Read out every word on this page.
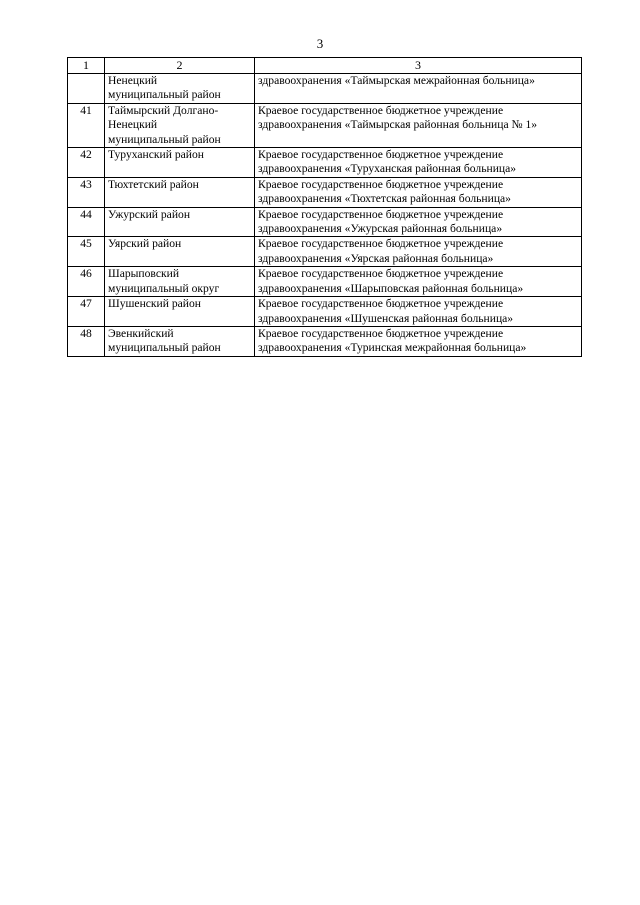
3
1	2	3

	Ненецкий
муниципальный район	здравоохранения «Таймырская межрайонная больница»

41	Таймырский Долгано-
Ненецкий
муниципальный район	Краевое государственное бюджетное учреждение
здравоохранения «Таймырская районная больница № 1»

42	Туруханский район	Краевое государственное бюджетное учреждение
здравоохранения «Туруханская районная больница»

43	Тюхтетский район	Краевое государственное бюджетное учреждение
здравоохранения «Тюхтетская районная больница»

44	Ужурский район	Краевое государственное бюджетное учреждение
здравоохранения «Ужурская районная больница»

45	Уярский район	Краевое государственное бюджетное учреждение
здравоохранения «Уярская районная больница»

46	Шарыповский
муниципальный округ	Краевое государственное бюджетное учреждение
здравоохранения «Шарыповская районная больница»

47	Шушенский район	Краевое государственное бюджетное учреждение
здравоохранения «Шушенская районная больница»

48	Эвенкийский
муниципальный район	Краевое государственное бюджетное учреждение
здравоохранения «Туринская межрайонная больница»
